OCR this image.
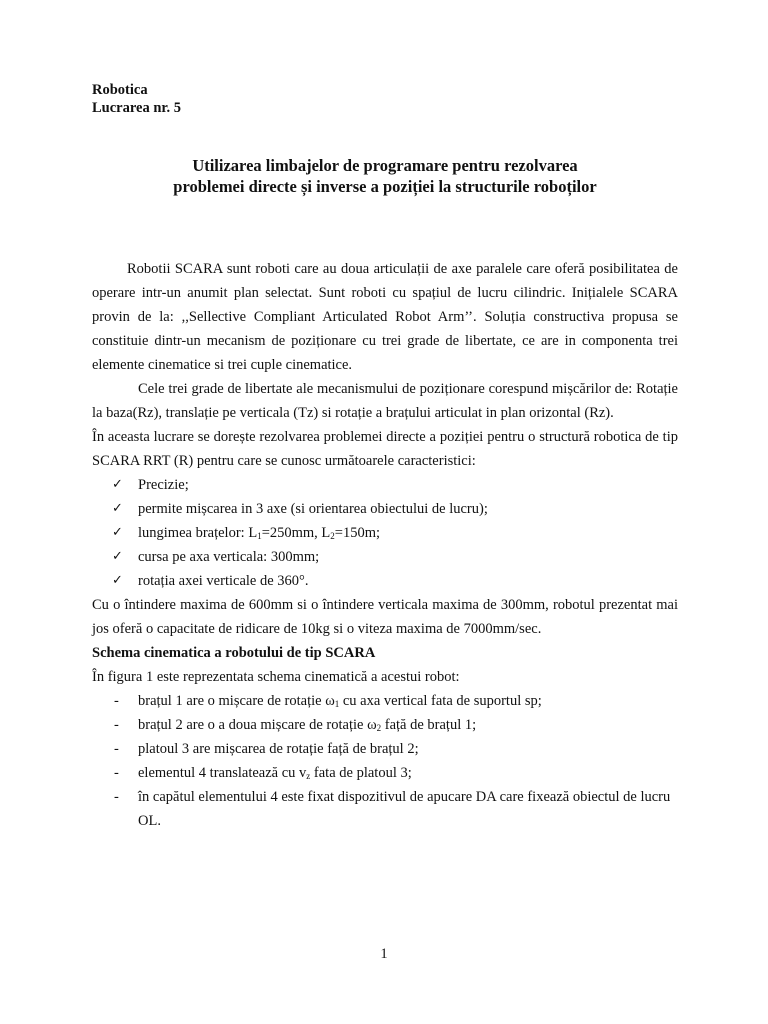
Robotica

Lucrarea nr. 5

Utilizarea limbajelor de programare pentru rezolvarea
problemei directe și inverse a poziției la structurile roboților

Robotii SCARA sunt roboti care au doua articulații de axe paralele care oferă posibilitatea de operare intr-un anumit plan selectat. Sunt roboti cu spațiul de lucru cilindric. Inițialele SCARA provin de la: ,,Sellective Compliant Articulated Robot Arm’’. Soluția constructiva propusa se constituie dintr-un mecanism de poziționare cu trei grade de libertate, ce are in componenta trei elemente cinematice si trei cuple cinematice.

Cele trei grade de libertate ale mecanismului de poziționare corespund mișcărilor de: Rotație la baza(Rz), translație pe verticala (Tz) si rotație a brațului articulat in plan orizontal (Rz).

În aceasta lucrare se dorește rezolvarea problemei directe a poziției pentru o structură robotica de tip SCARA RRT (R) pentru care se cunosc următoarele caracteristici:

✓ Precizie;
✓ permite mișcarea in 3 axe (si orientarea obiectului de lucru);
✓ lungimea brațelor: $L_1=250mm$, $L_2=150m$;
✓ cursa pe axa verticala: 300mm;
✓ rotația axei verticale de 360°.

Cu o întindere maxima de 600mm si o întindere verticala maxima de 300mm, robotul prezentat mai jos oferă o capacitate de ridicare de 10kg si o viteza maxima de 7000mm/sec.

Schema cinematica a robotului de tip SCARA

În figura 1 este reprezentata schema cinematică a acestui robot:

- brațul 1 are o mișcare de rotație $\omega_1$ cu axa vertical fata de suportul sp;
- brațul 2 are o a doua mișcare de rotație $\omega_2$ față de brațul 1;
- platoul 3 are mișcarea de rotație față de brațul 2;
- elementul 4 translatează cu $v_z$ fata de platoul 3;
- în capătul elementului 4 este fixat dispozitivul de apucare DA care fixează obiectul de lucru OL.
1
